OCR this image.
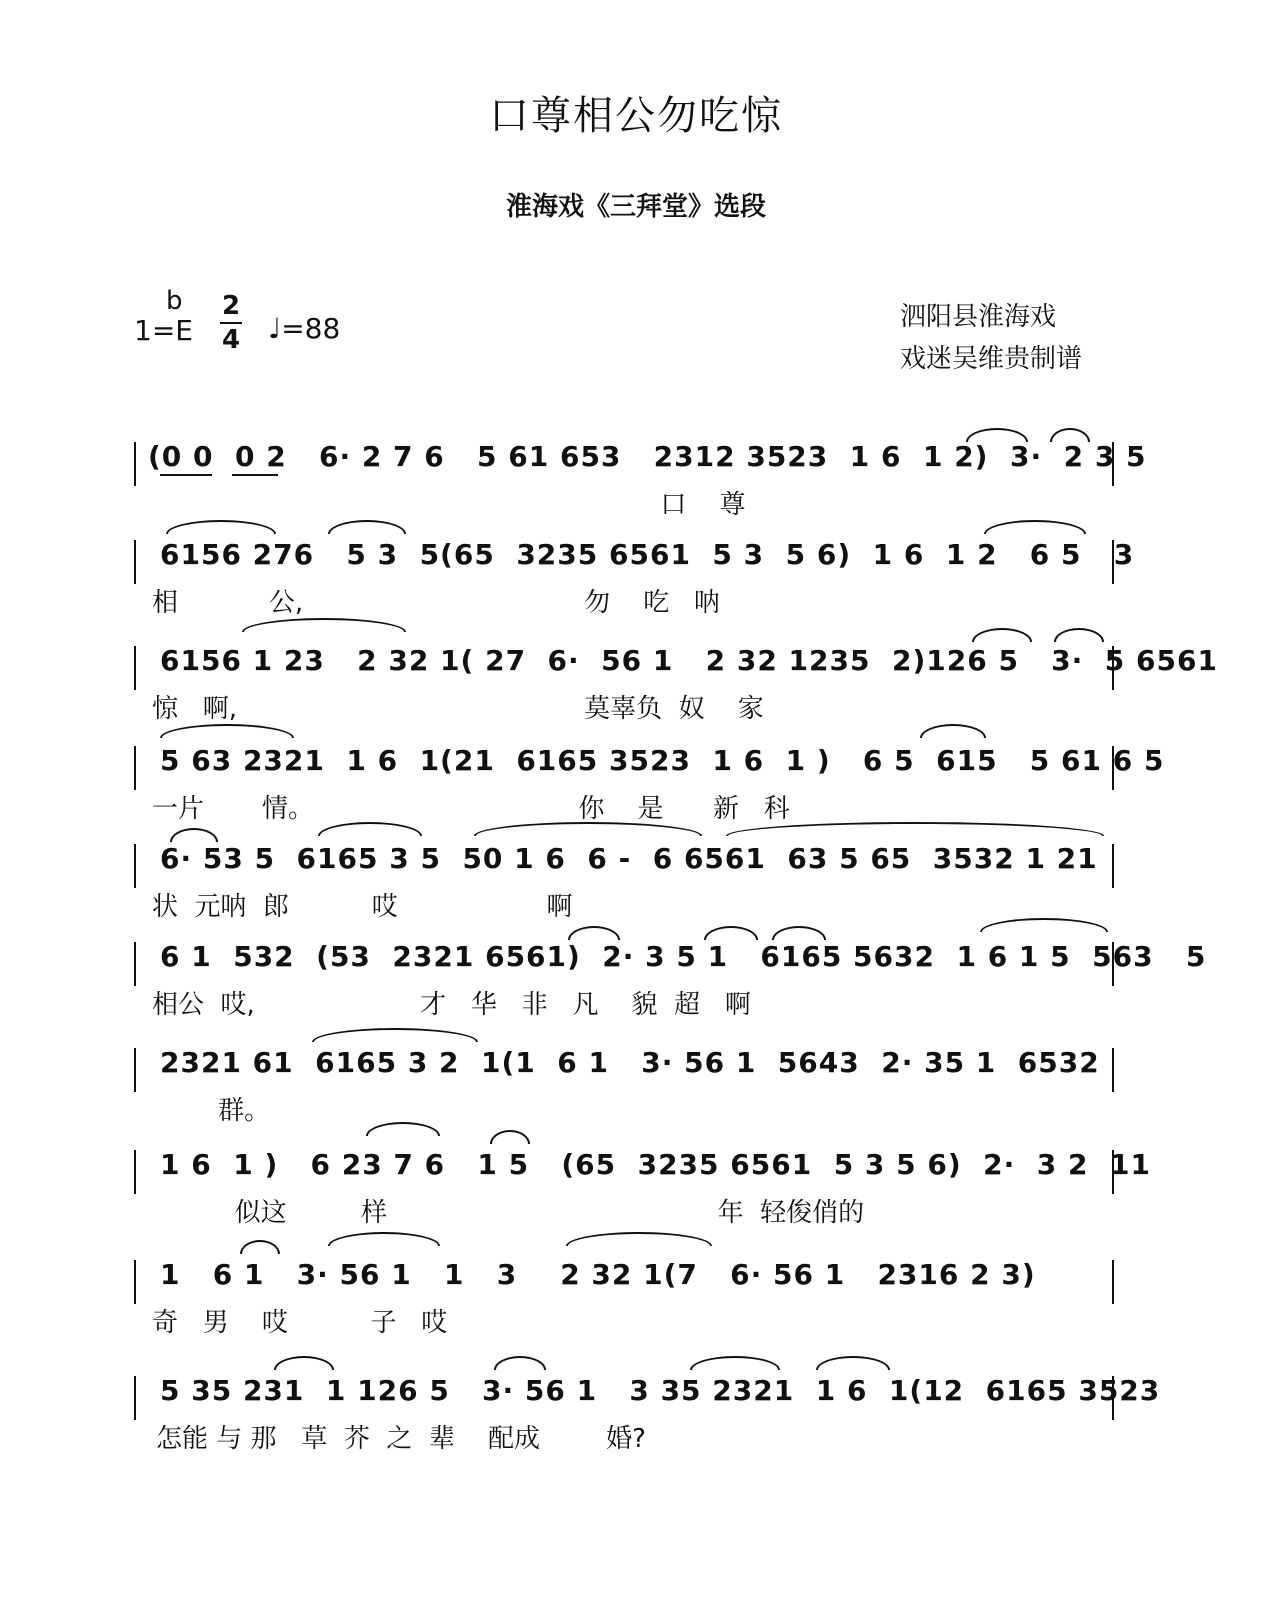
口尊相公勿吃惊
淮海戏《三拜堂》选段
b
1=E
2
4 ♩=88	泗阳县淮海戏
戏迷吴维贵制谱
(0 0  0 2   6· 2 7 6   5 61 653   2312 3523  1 6  1 2)  3·  2 3 5
口    尊
6156 276   5 3  5(65  3235 6561  5 3  5 6)  1 6  1 2   6 5   3
相           公,                                  勿    吃   呐
6156 1 23   2 32 1( 27  6·  56 1   2 32 1235  2)126 5   3·  5 6561
惊   啊,                                          莫辜负  奴    家
5 63 2321  1 6  1(21  6165 3523  1 6  1 )   6 5  615   5 61 6 5
一片       情。                                你    是      新   科
6· 53 5  6165 3 5  50 1 6  6 -  6 6561  63 5 65  3532 1 21
状  元呐  郎          哎                  啊
6 1  532  (53  2321 6561)  2· 3 5 1   6165 5632  1 6 1 5  563   5
相公  哎,                    才   华   非   凡    貌  超   啊
2321 61  6165 3 2  1(1  6 1   3· 56 1  5643  2· 35 1  6532
群。
1 6  1 )   6 23 7 6   1 5   (65  3235 6561  5 3 5 6)  2·  3 2  11
似这         样                                        年  轻俊俏的
1   6 1   3· 56 1   1   3    2 32 1(7   6· 56 1   2316 2 3)
奇   男    哎          子   哎
5 35 231  1 126 5   3· 56 1   3 35 2321  1 6  1(12  6165 3523
怎能 与 那   草  芥  之  辈    配成        婚?
